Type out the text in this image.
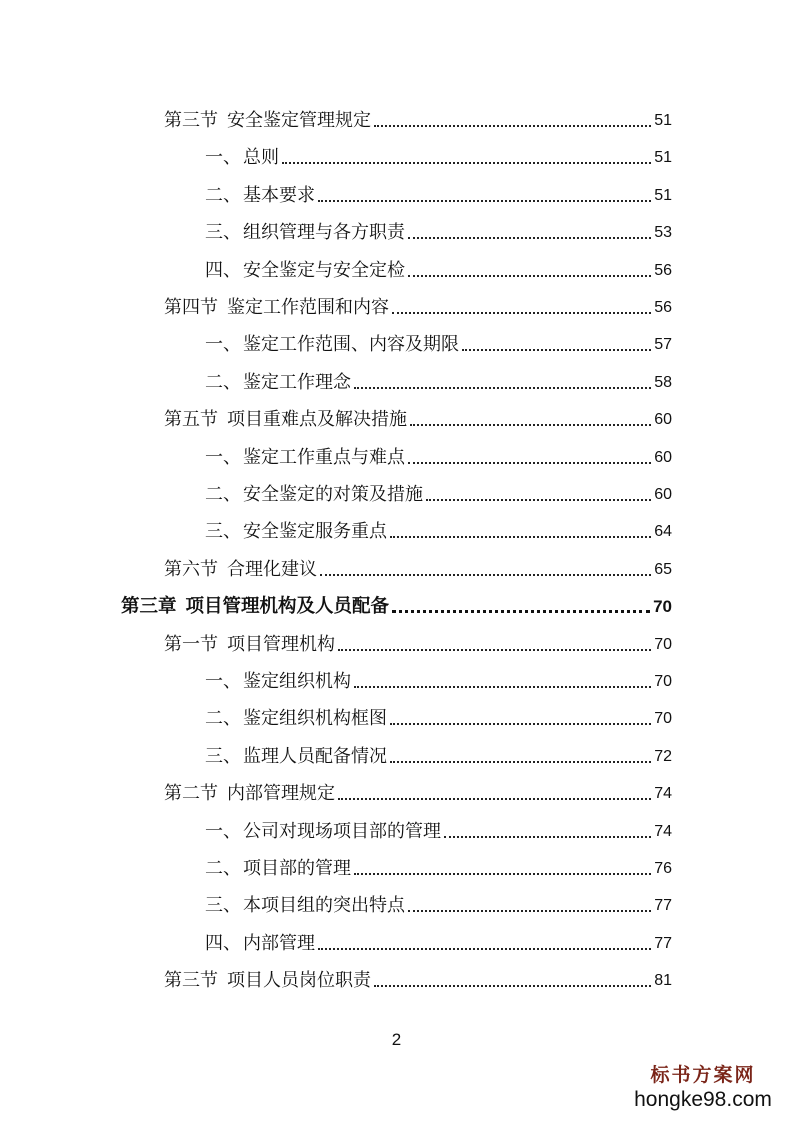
第三节 安全鉴定管理规定	51
一、 总则	51
二、 基本要求	51
三、 组织管理与各方职责	53
四、 安全鉴定与安全定检	56
第四节 鉴定工作范围和内容	56
一、 鉴定工作范围、内容及期限	57
二、 鉴定工作理念	58
第五节 项目重难点及解决措施	60
一、 鉴定工作重点与难点	60
二、 安全鉴定的对策及措施	60
三、 安全鉴定服务重点	64
第六节 合理化建议	65
第三章 项目管理机构及人员配备	70
第一节 项目管理机构	70
一、 鉴定组织机构	70
二、 鉴定组织机构框图	70
三、 监理人员配备情况	72
第二节 内部管理规定	74
一、 公司对现场项目部的管理	74
二、 项目部的管理	76
三、 本项目组的突出特点	77
四、 内部管理	77
第三节 项目人员岗位职责	81
2
标书方案网
hongke98.com
